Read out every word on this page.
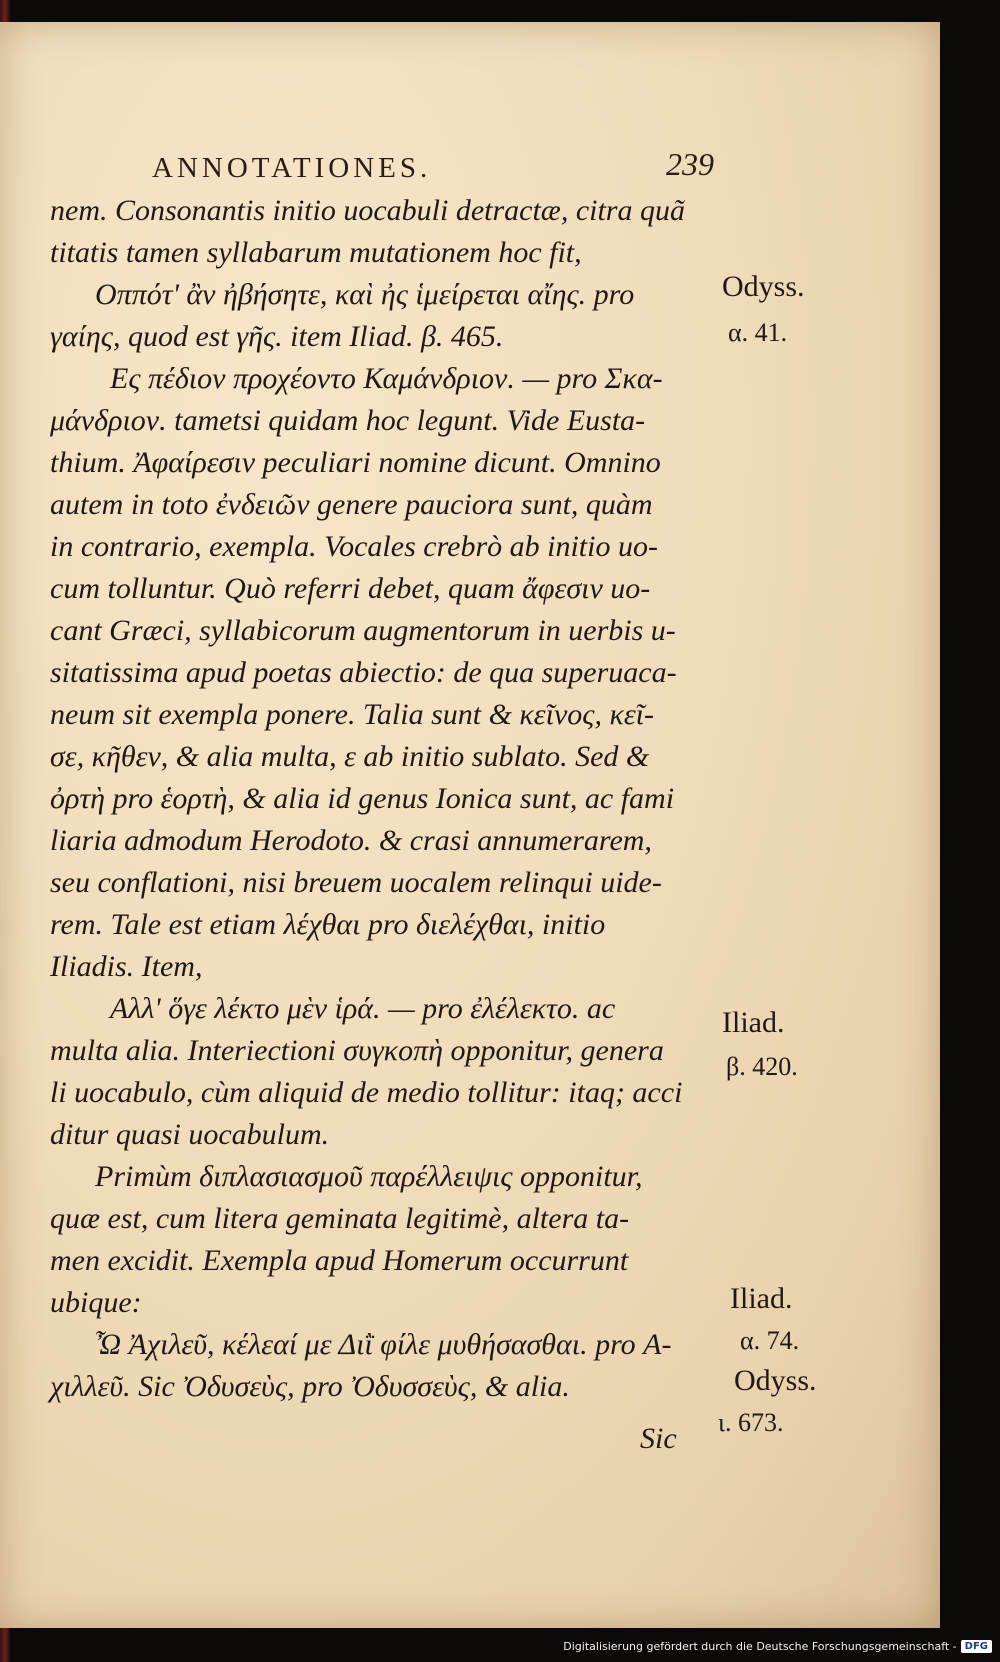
ANNOTATIONES.	239
nem. Consonantis initio uocabuli detractæ, citra quã
titatis tamen syllabarum mutationem hoc fit,
Οππότ' ἂν ἠβήσητε, καὶ ἠς ἱμείρεται αἴης. pro
γαίης, quod est γῆς. item Iliad. β. 465.
Ες πέδιον προχέοντο Καμάνδριον. — pro Σκα-
μάνδριον. tametsi quidam hoc legunt. Vide Eusta-
thium. Ἀφαίρεσιν peculiari nomine dicunt. Omnino
autem in toto ἐνδειῶν genere pauciora sunt, quàm
in contrario, exempla. Vocales crebrò ab initio uo-
cum tolluntur. Quò referri debet, quam ἄφεσιν uo-
cant Græci, syllabicorum augmentorum in uerbis u-
sitatissima apud poetas abiectio: de qua superuaca-
neum sit exempla ponere. Talia sunt & κεῖνος, κεῖ-
σε, κῆθεν, & alia multa, ε ab initio sublato. Sed &
ὀρτὴ pro ἑορτὴ, & alia id genus Ionica sunt, ac fami
liaria admodum Herodoto. & crasi annumerarem,
seu conflationi, nisi breuem uocalem relinqui uide-
rem. Tale est etiam λέχθαι pro διελέχθαι, initio
Iliadis. Item,
Αλλ' ὅγε λέκτο μὲν ἱρά. — pro ἐλέλεκτο. ac
multa alia. Interiectioni συγκοπὴ opponitur, genera
li uocabulo, cùm aliquid de medio tollitur: itaq; acci
ditur quasi uocabulum.
Primùm διπλασιασμοῦ παρέλλειψις opponitur,
quæ est, cum litera geminata legitimè, altera ta-
men excidit. Exempla apud Homerum occurrunt
ubique:
Ὦ Ἀχιλεῦ, κέλεαί με Διῒ φίλε μυθήσασθαι. pro Α-
χιλλεῦ. Sic Ὀδυσεὺς, pro Ὀδυσσεὺς, & alia.
Sic
Odyss.
α. 41.
Iliad.
β. 420.
Iliad.
α. 74.
Odyss.
ι. 673.
Digitalisierung gefördert durch die Deutsche Forschungsgemeinschaft - DFG
